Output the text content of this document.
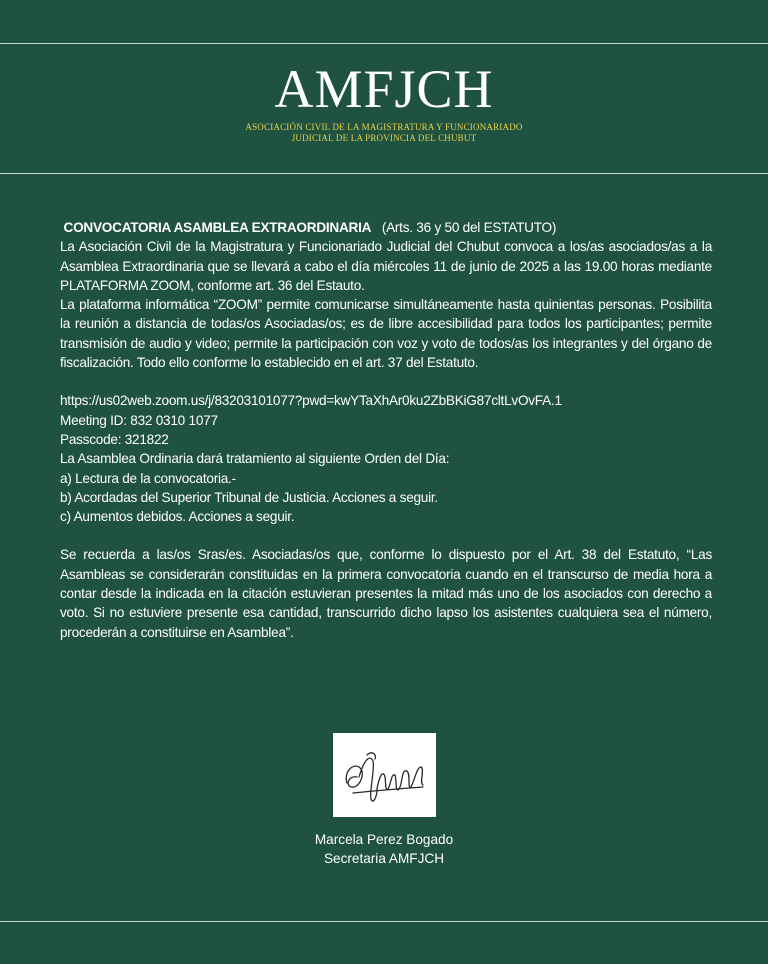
AMFJCH
ASOCIACIÓN CIVIL DE LA MAGISTRATURA Y FUNCIONARIADO
JUDICIAL DE LA PROVINCIA DEL CHUBUT

CONVOCATORIA ASAMBLEA EXTRAORDINARIA (Arts. 36 y 50 del ESTATUTO)

La Asociación Civil de la Magistratura y Funcionariado Judicial del Chubut convoca a los/as asociados/as a la Asamblea Extraordinaria que se llevará a cabo el día miércoles 11 de junio de 2025 a las 19.00 horas mediante PLATAFORMA ZOOM, conforme art. 36 del Estauto.

La plataforma informática “ZOOM” permite comunicarse simultáneamente hasta quinientas personas. Posibilita la reunión a distancia de todas/os Asociadas/os; es de libre accesibilidad para todos los participantes; permite transmisión de audio y video; permite la participación con voz y voto de todos/as los integrantes y del órgano de fiscalización. Todo ello conforme lo establecido en el art. 37 del Estatuto.

https://us02web.zoom.us/j/83203101077?pwd=kwYTaXhAr0ku2ZbBKiG87cltLvOvFA.1

Meeting ID: 832 0310 1077

Passcode: 321822

La Asamblea Ordinaria dará tratamiento al siguiente Orden del Día:

a) Lectura de la convocatoria.-

b) Acordadas del Superior Tribunal de Justicia. Acciones a seguir.

c) Aumentos debidos. Acciones a seguir.

Se recuerda a las/os Sras/es. Asociadas/os que, conforme lo dispuesto por el Art. 38 del Estatuto, “Las Asambleas se considerarán constituidas en la primera convocatoria cuando en el transcurso de media hora a contar desde la indicada en la citación estuvieran presentes la mitad más uno de los asociados con derecho a voto. Si no estuviere presente esa cantidad, transcurrido dicho lapso los asistentes cualquiera sea el número, procederán a constituirse en Asamblea”.

Marcela Perez Bogado
Secretaria AMFJCH
